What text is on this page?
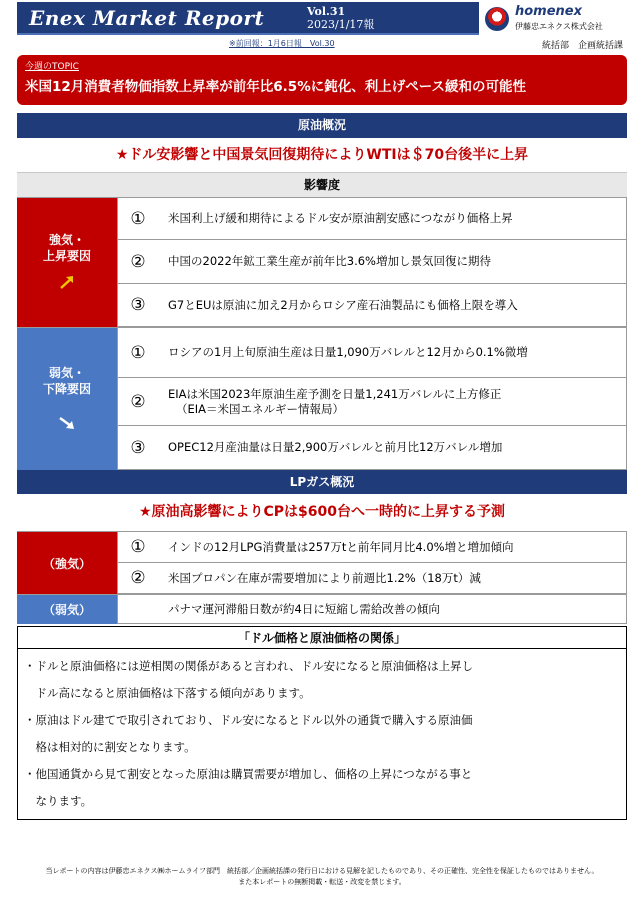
Enex Market Report	Vol.31
2023/1/17報
homenex
伊藤忠エネクス株式会社
※前回報：1月6日報　Vol.30	統括部　企画統括課
今週のTOPIC
米国12月消費者物価指数上昇率が前年比6.5%に鈍化、利上げペース緩和の可能性
原油概況
★ドル安影響と中国景気回復期待によりWTIは＄70台後半に上昇
影響度
強気・
上昇要因
①	米国利上げ緩和期待によるドル安が原油割安感につながり価格上昇
②	中国の2022年鉱工業生産が前年比3.6%増加し景気回復に期待
③	G7とEUは原油に加え2月からロシア産石油製品にも価格上限を導入
弱気・
下降要因
①	ロシアの1月上旬原油生産は日量1,090万バレルと12月から0.1%微増
②	EIAは米国2023年原油生産予測を日量1,241万バレルに上方修正
（EIA＝米国エネルギー情報局）
③	OPEC12月産油量は日量2,900万バレルと前月比12万バレル増加
LPガス概況
★原油高影響によりCPは$600台へ一時的に上昇する予測
（強気）
①	インドの12月LPG消費量は257万tと前年同月比4.0%増と増加傾向
②	米国プロパン在庫が需要増加により前週比1.2%（18万t）減
（弱気）	パナマ運河滞船日数が約4日に短縮し需給改善の傾向
「ドル価格と原油価格の関係」
・ドルと原油価格には逆相関の関係があると言われ、ドル安になると原油価格は上昇し
　ドル高になると原油価格は下落する傾向があります。
・原油はドル建てで取引されており、ドル安になるとドル以外の通貨で購入する原油価
　格は相対的に割安となります。
・他国通貨から見て割安となった原油は購買需要が増加し、価格の上昇につながる事と
　なります。
当レポートの内容は伊藤忠エネクス㈱ホームライフ部門　統括部／企画統括課の発行日における見解を記したものであり、その正確性、完全性を保証したものではありません。
また本レポートの無断掲載・転送・改変を禁じます。
